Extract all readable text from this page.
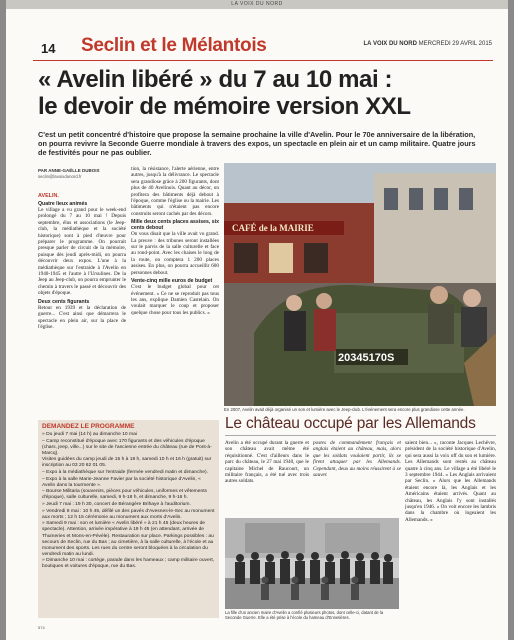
LA VOIX DU NORD
14 Seclin et le Mélantois	LA VOIX DU NORD MERCREDI 29 AVRIL 2015
« Avelin libéré » du 7 au 10 mai :
le devoir de mémoire version XXL
C'est un petit concentré d'histoire que propose la semaine prochaine la ville d'Avelin. Pour le 70e anniversaire de la libération, on pourra revivre la Seconde Guerre mondiale à travers des expos, un spectacle en plein air et un camp militaire. Quatre jours de festivités pour ne pas oublier.
PAR ANNE-GAËLLE DUBOIS
seclin@lavoixdunord.fr
AVELIN.
Quatre lieux animés

Le village a vu grand pour le week-end prolongé du 7 au 10 mai ! Depuis septembre, élus et associations (le Jeep-club, la médiathèque et la société historique) sont à pied d'œuvre pour préparer le programme. On pourrait presque parler de circuit de la mémoire, puisque dès jeudi après-midi, on pourra découvrir deux expos. L'une à la médiathèque sur l'entraide à l'Avelin en 1940-1945 et l'autre à l'Ursulines. De la Jeep au Jeep-club, on pourra emprunter le chemin à travers le passé et découvrir des objets d'époque.

Deux cents figurants

Retour en 1939 et la déclaration de guerre... C'est ainsi que démarrera le spectacle en plein air, sur la place de l'église.

tion, la résistance, l'alerte aérienne, entre autres, jusqu'à la délivrance. Le spectacle sera grandiose grâce à 200 figurants, dont plus de 40 Avelinois. Quant au décor, on profitera des bâtiments déjà debout à l'époque, comme l'église ou la mairie. Les bâtiments qui n'étaient pas encore construits seront cachés par des décors.

Mille deux cents places assises, six cents debout

On vous disait que la ville avait vu grand. La preuve : des tribunes seront installées sur le parvis de la salle culturelle et face au rond-point. Avec les chaises le long de la route, on comptera 1 200 places assises. En plus, on pourra accueillir 600 personnes debout.

Vente-cinq mille euros de budget

C'est le budget global pour cet événement. « Ce ne se reproduit pas tous les ans, explique Damien Castelain. On voulait marquer le coup et proposer quelque chose pour tous les publics. »

CAFÉ de la MAIRIE
20345170S
En 2007, Avelin avait déjà organisé un son et lumière avec le Jeep-club. L'événement sera encore plus grandiose cette année.
DEMANDEZ LE PROGRAMME

» Du jeudi 7 mai (14 h) au dimanche 10 mai

– Camp reconstitué d'époque avec 170 figurants et des véhicules d'époque (chars, jeep, ville...) sur le site de l'ancienne entrée du château (rue de Pont-à-Marcq).

Visites guidées du camp jeudi de 15 h à 18 h, samedi 10 h et 16 h (gratuit) sur inscription au 03 20 62 01 05.

– Expo à la médiathèque sur l'entraide (fermée vendredi matin et dimanche).

– Expo à la salle Marie-Jeanne Favier par la société historique d'Avelin, « Avelin dans la tourmente ».

– Bourse Militaria (souvenirs, pièces pour véhicules, uniformes et vêtements d'époque), salle culturelle, samedi, 9 h-18 h, et dimanche, 9 h-16 h.

» Jeudi 7 mai : 19 h 30, concert de Bérangère Brihaye à l'auditorium.

» Vendredi 8 mai : 10 h 45, défilé un des pavés d'Avesnes-le-Sec au monument aux morts ; 12 h 15 cérémonie au monument aux morts d'Avelin.

» Samedi 9 mai : son et lumière « Avelin libéré » à 21 h 45 (deux heures de spectacle). Attention, arrivée impérative à 19 h 45 (en attendant, arrivée de Thumeries et Mons-en-Pévèle). Restauration sur place. Parkings possibles : au secours de Seclin, rue du Bas ; au cimetière, à la salle culturelle, à l'école et au monument des sports. Les rues du centre seront bloquées à la circulation du vendredi matin au lundi.

» Dimanche 10 mai : cortège, parade dans les hameaux ; camp militaire ouvert, boutiques et voitures d'époque, rue du Bas.

Le château occupé par les Allemands

Avelin a été occupé durant la guerre et son château avait même été réquisitionné. C'est d'ailleurs dans le parc du château, le 27 mai 1940, que le capitaine Michel de Raucourt, un militaire français, a été tué avec trois autres soldats.

postes de commandement français et anglais étaient au château, mais, alors que les soldats voulaient partir, ils se firent attaquer par les Allemands. Cependant, deux au moins réussirent à se sauver.

saient bien... », raconte Jacques Lechêvre, président de la société historique d'Avelin, qui sera aussi la voix off du son et lumière. Les Allemands sont restés au château quatre à cinq ans. Le village a été libéré le 3 septembre 1944. « Les Anglais arrivaient par Seclin. » Alors que les Allemands étaient encore là, les Anglais et les Américains étaient arrivés. Quant au château, les Anglais l'y sont installés jusqu'en 1946. « On voit encore les lambris dans la chambre où logeaient les Allemands. »

La fille d'un ancien maire d'Avelin a confié plusieurs photos, dont celle-ci, datant de la Seconde Guerre. Elle a été prise à l'école du hameau d'Ennetières.
574
